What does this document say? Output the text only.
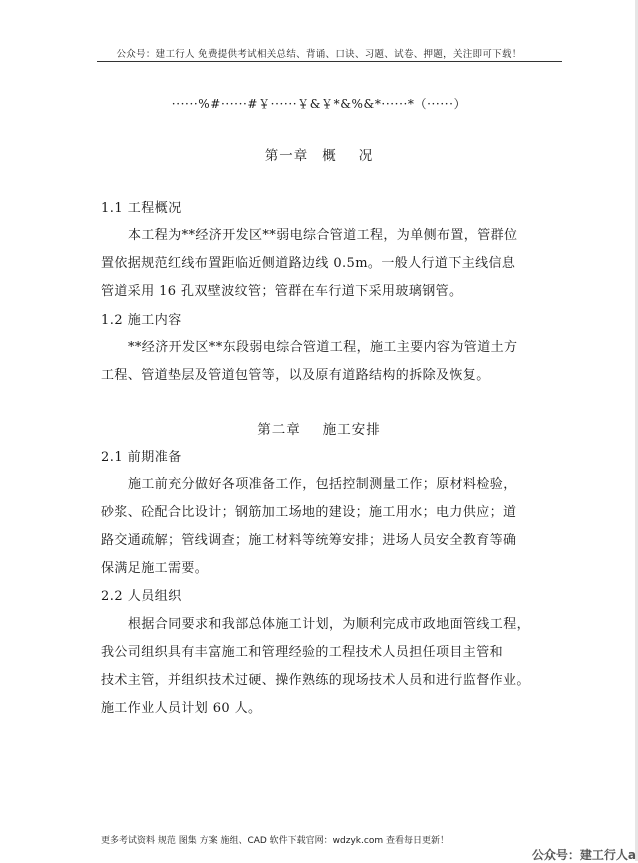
公众号：建工行人 免费提供考试相关总结、背诵、口诀、习题、试卷、押题，关注即可下载！
······%#······#￥······￥&￥*&%&*······*（······）
第一章 概 况
1.1 工程概况
本工程为**经济开发区**弱电综合管道工程，为单侧布置，管群位
置依据规范红线布置距临近侧道路边线 0.5m。一般人行道下主线信息
管道采用 16 孔双壁波纹管；管群在车行道下采用玻璃钢管。
1.2 施工内容
**经济开发区**东段弱电综合管道工程，施工主要内容为管道土方
工程、管道垫层及管道包管等，以及原有道路结构的拆除及恢复。
第二章 施工安排
2.1 前期准备
施工前充分做好各项准备工作，包括控制测量工作；原材料检验，
砂浆、砼配合比设计；钢筋加工场地的建设；施工用水；电力供应；道
路交通疏解；管线调查；施工材料等统筹安排；进场人员安全教育等确
保满足施工需要。
2.2 人员组织
根据合同要求和我部总体施工计划，为顺利完成市政地面管线工程，
我公司组织具有丰富施工和管理经验的工程技术人员担任项目主管和
技术主管，并组织技术过硬、操作熟练的现场技术人员和进行监督作业。
施工作业人员计划 60 人。
更多考试资料 规范 图集 方案 施组、CAD 软件下载官网：wdzyk.com 查看每日更新！
公众号：建工行人a
